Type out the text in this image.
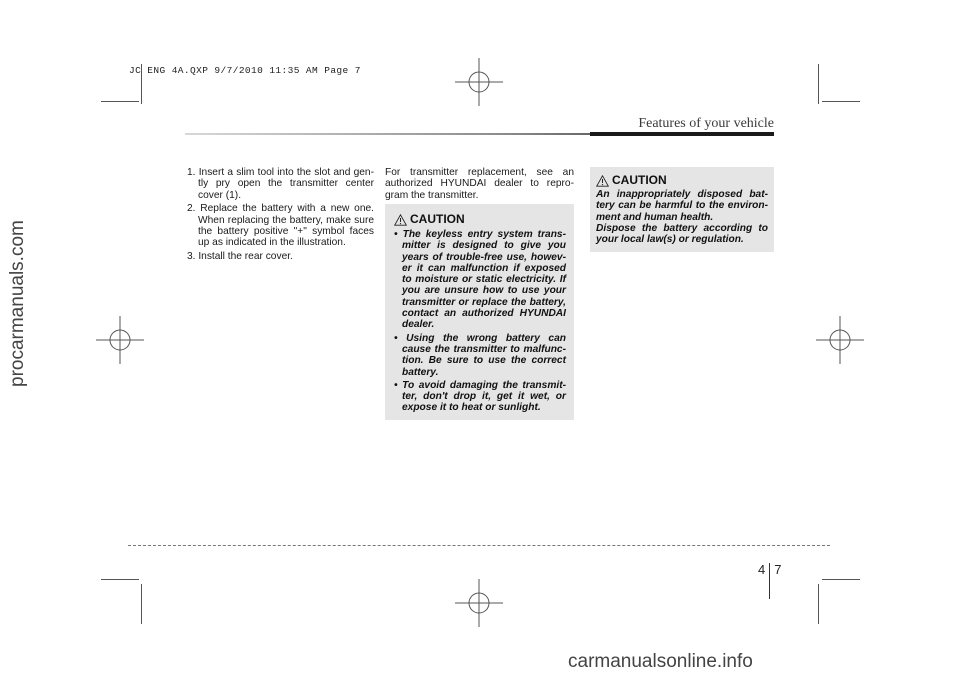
JC ENG 4A.QXP 9/7/2010 11:35 AM Page 7
procarmanuals.com
carmanualsonline.info
Features of your vehicle

1. Insert a slim tool into the slot and gen-tly pry open the transmitter center cover (1).

2. Replace the battery with a new one. When replacing the battery, make sure the battery positive "+" symbol faces up as indicated in the illustration.

3. Install the rear cover.

For transmitter replacement, see an authorized HYUNDAI dealer to repro-gram the transmitter.
CAUTION

• The keyless entry system trans-mitter is designed to give you years of trouble-free use, howev-er it can malfunction if exposed to moisture or static electricity. If you are unsure how to use your transmitter or replace the battery, contact an authorized HYUNDAI dealer.

• Using the wrong battery can cause the transmitter to malfunc-tion. Be sure to use the correct battery.

• To avoid damaging the transmit-ter, don't drop it, get it wet, or expose it to heat or sunlight.

CAUTION

An inappropriately disposed bat-tery can be harmful to the environ-ment and human health.

Dispose the battery according to your local law(s) or regulation.

4 7
